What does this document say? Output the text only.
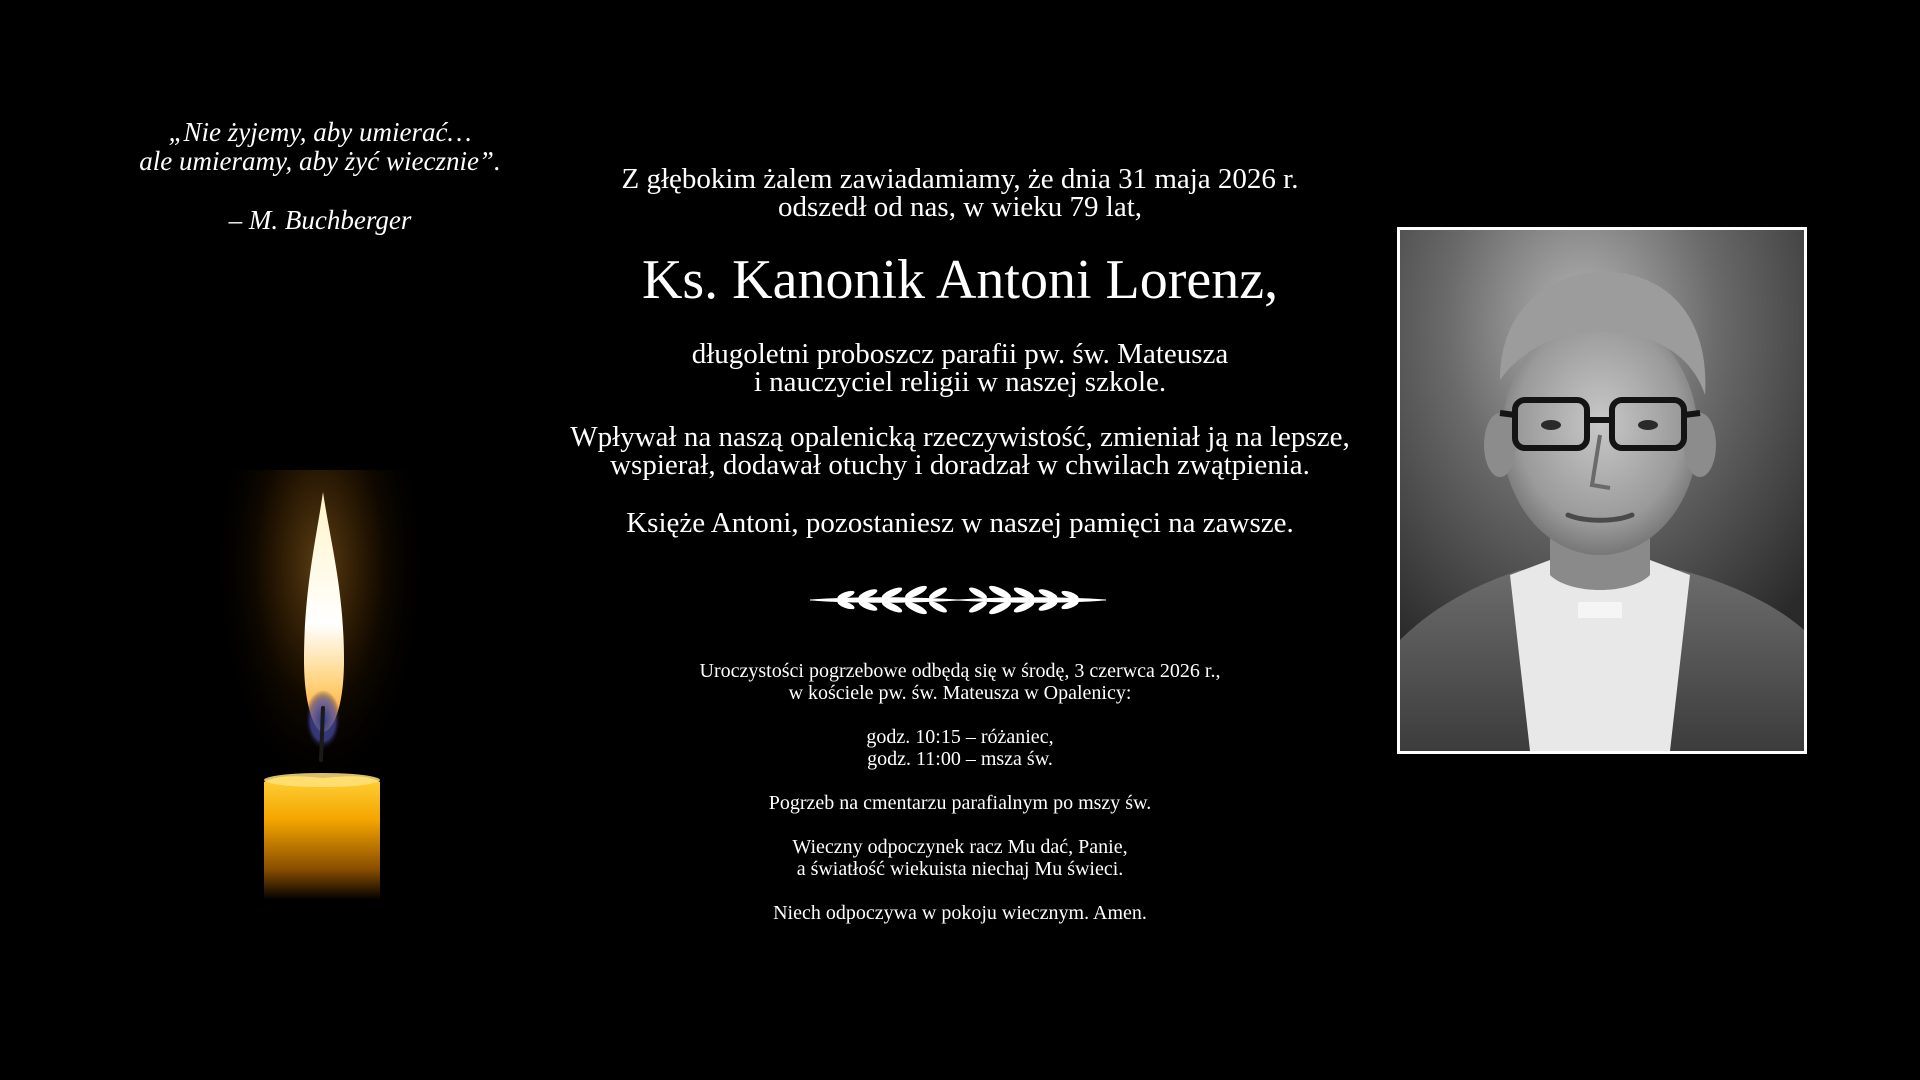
„Nie żyjemy, aby umierać…
ale umieramy, aby żyć wiecznie”.
– M. Buchberger
Z głębokim żalem zawiadamiamy, że dnia 31 maja 2026 r.
odszedł od nas, w wieku 79 lat,
Ks. Kanonik Antoni Lorenz,
długoletni proboszcz parafii pw. św. Mateusza
i nauczyciel religii w naszej szkole.
Wpływał na naszą opalenicką rzeczywistość, zmieniał ją na lepsze,
wspierał, dodawał otuchy i doradzał w chwilach zwątpienia.
Księże Antoni, pozostaniesz w naszej pamięci na zawsze.
Uroczystości pogrzebowe odbędą się w środę, 3 czerwca 2026 r.,
w kościele pw. św. Mateusza w Opalenicy:
godz. 10:15 – różaniec,
godz. 11:00 – msza św.
Pogrzeb na cmentarzu parafialnym po mszy św.
Wieczny odpoczynek racz Mu dać, Panie,
a światłość wiekuista niechaj Mu świeci.
Niech odpoczywa w pokoju wiecznym. Amen.
